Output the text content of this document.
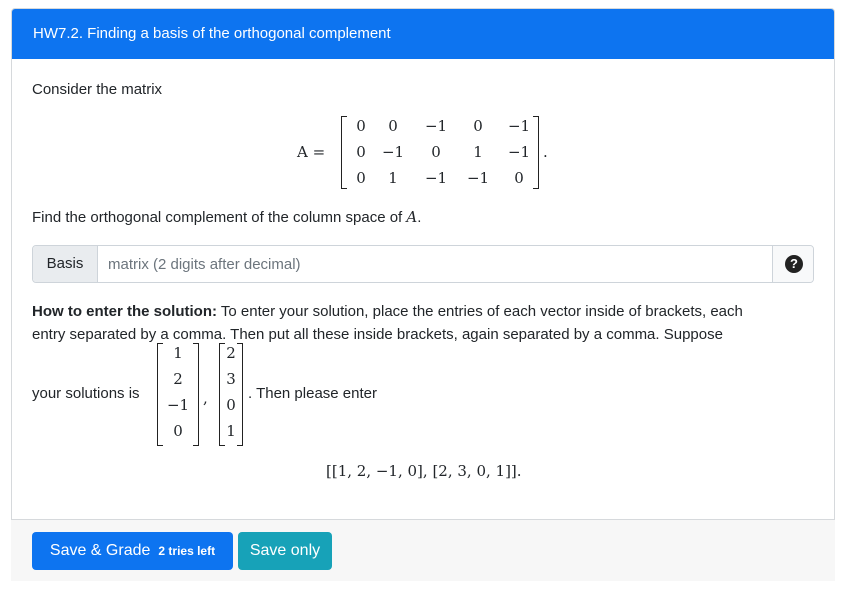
HW7.2. Finding a basis of the orthogonal complement
Consider the matrix
A =
0	0	−1	0	−1
0	−1	0	1	−1
0	1	−1	−1	0
.
Find the orthogonal complement of the column space of A.
Basis
matrix (2 digits after decimal)	?
How to enter the solution: To enter your solution, place the entries of each vector inside of brackets, each
entry separated by a comma. Then put all these inside brackets, again separated by a comma. Suppose
your solutions is
1
2
−1
0
,
2
3
0
1
. Then please enter
[[1, 2, −1, 0], [2, 3, 0, 1]].
Save & Grade 2 tries left	Save only
